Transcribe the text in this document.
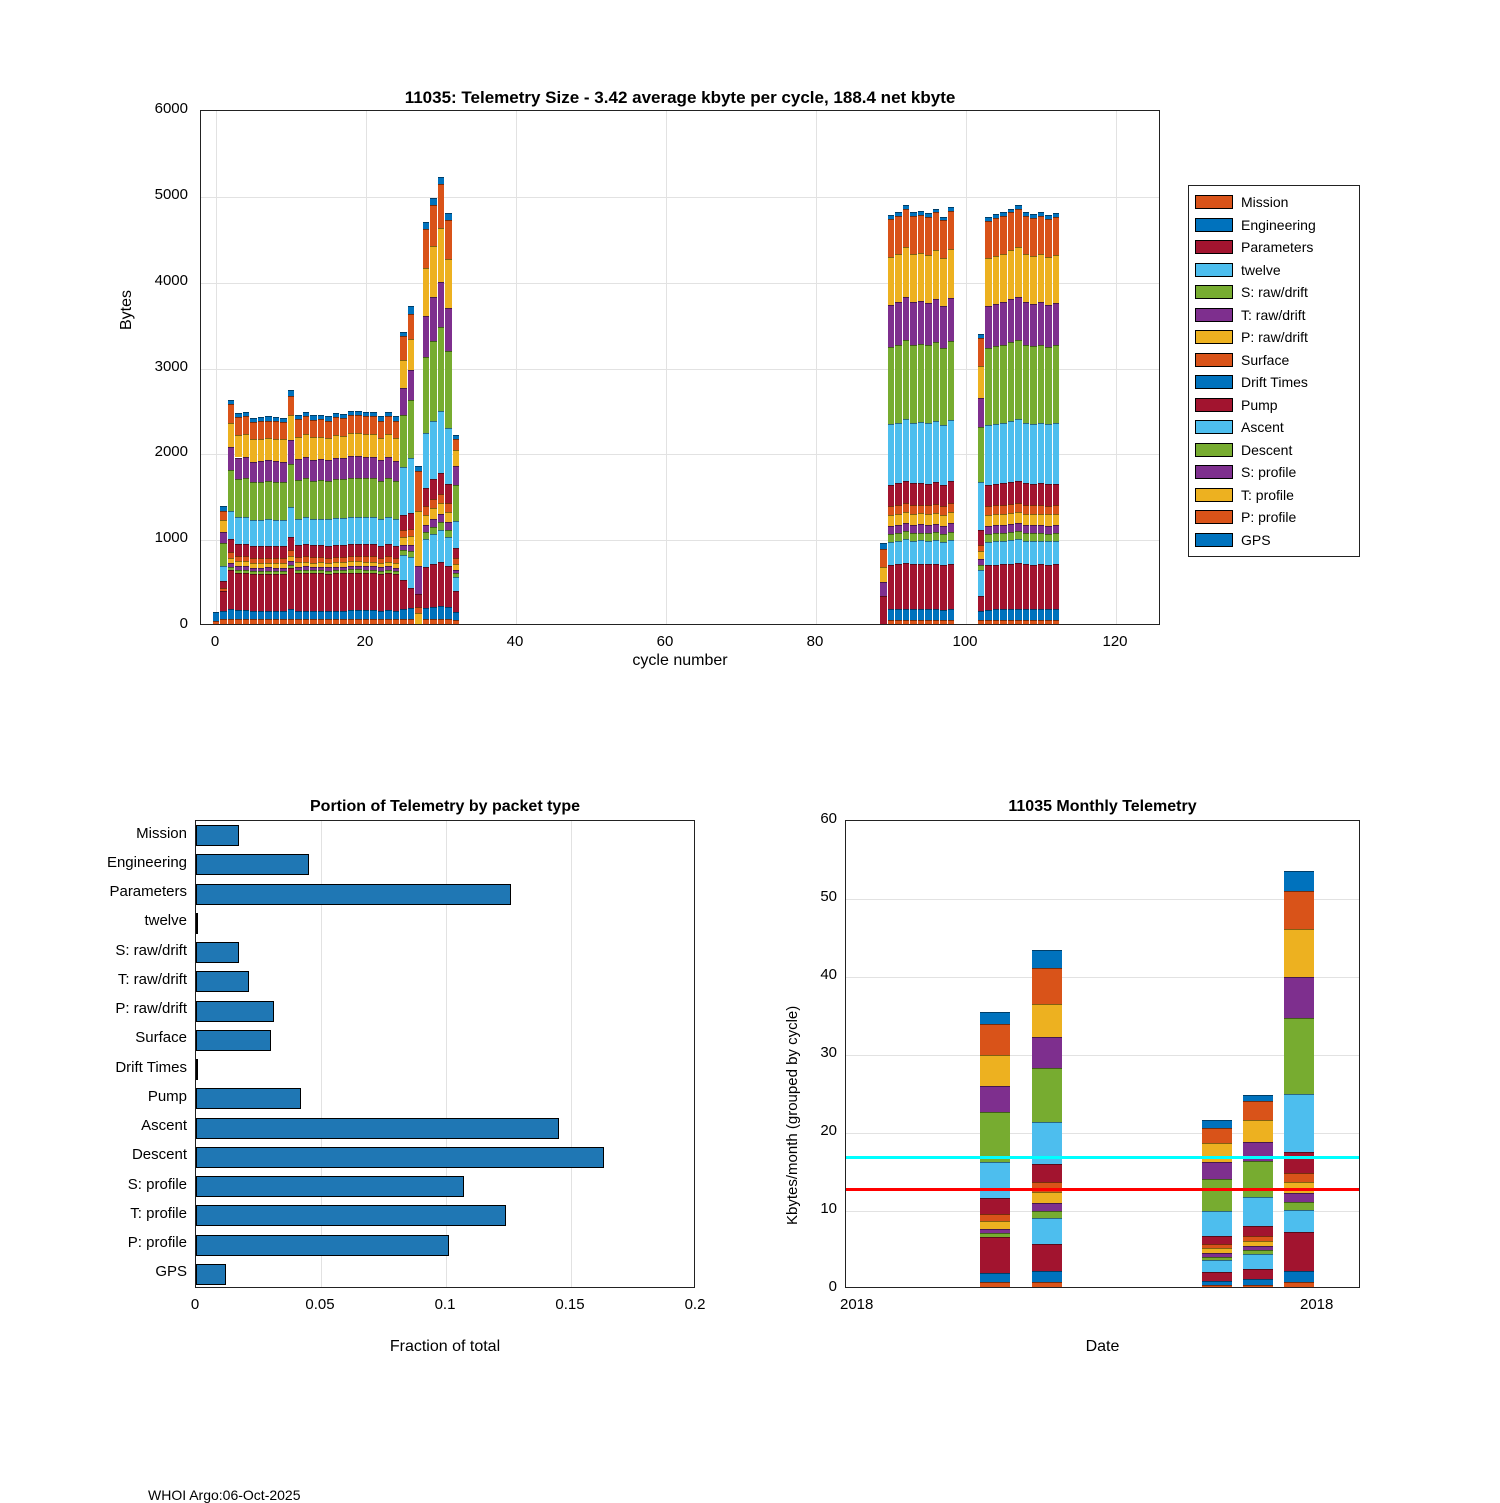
11035: Telemetry Size - 3.42 average kbyte per cycle, 188.4 net kbyte
Bytes
cycle number
0	20	40	60	80	100	120
0
1000
2000
3000
4000
5000
6000
Mission
Engineering
Parameters
twelve
S: raw/drift
T: raw/drift
P: raw/drift
Surface
Drift Times
Pump
Ascent
Descent
S: profile
T: profile
P: profile
GPS
Portion of Telemetry by packet type
0	0.05	0.1	0.15	0.2
Mission
Engineering
Parameters
twelve
S: raw/drift
T: raw/drift
P: raw/drift
Surface
Drift Times
Pump
Ascent
Descent
S: profile
T: profile
P: profile
GPS
Fraction of total
11035 Monthly Telemetry
Kbytes/month (grouped by cycle)
0
10
20
30
40
50
60
2018	2018
Date
WHOI Argo:06-Oct-2025
